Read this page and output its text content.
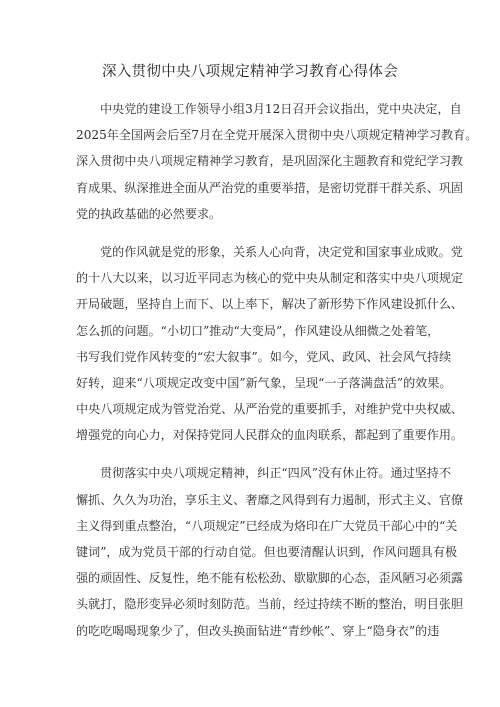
深入贯彻中央八项规定精神学习教育心得体会
中央党的建设工作领导小组3月12日召开会议指出，党中央决定，自
2025年全国两会后至7月在全党开展深入贯彻中央八项规定精神学习教育。
深入贯彻中央八项规定精神学习教育，是巩固深化主题教育和党纪学习教
育成果、纵深推进全面从严治党的重要举措，是密切党群干群关系、巩固
党的执政基础的必然要求。
党的作风就是党的形象，关系人心向背，决定党和国家事业成败。党
的十八大以来，以习近平同志为核心的党中央从制定和落实中央八项规定
开局破题，坚持自上而下、以上率下，解决了新形势下作风建设抓什么、
怎么抓的问题。“小切口”推动“大变局”，作风建设从细微之处着笔，
书写我们党作风转变的“宏大叙事”。如今，党风、政风、社会风气持续
好转，迎来“八项规定改变中国”新气象，呈现“一子落满盘活”的效果。
中央八项规定成为管党治党、从严治党的重要抓手，对维护党中央权威、
增强党的向心力，对保持党同人民群众的血肉联系，都起到了重要作用。
贯彻落实中央八项规定精神，纠正“四风”没有休止符。通过坚持不
懈抓、久久为功治，享乐主义、奢靡之风得到有力遏制，形式主义、官僚
主义得到重点整治，“八项规定”已经成为烙印在广大党员干部心中的“关
键词”，成为党员干部的行动自觉。但也要清醒认识到，作风问题具有极
强的顽固性、反复性，绝不能有松松劲、歇歇脚的心态，歪风陋习必须露
头就打，隐形变异必须时刻防范。当前，经过持续不断的整治，明目张胆
的吃吃喝喝现象少了，但改头换面钻进“青纱帐”、穿上“隐身衣”的违
